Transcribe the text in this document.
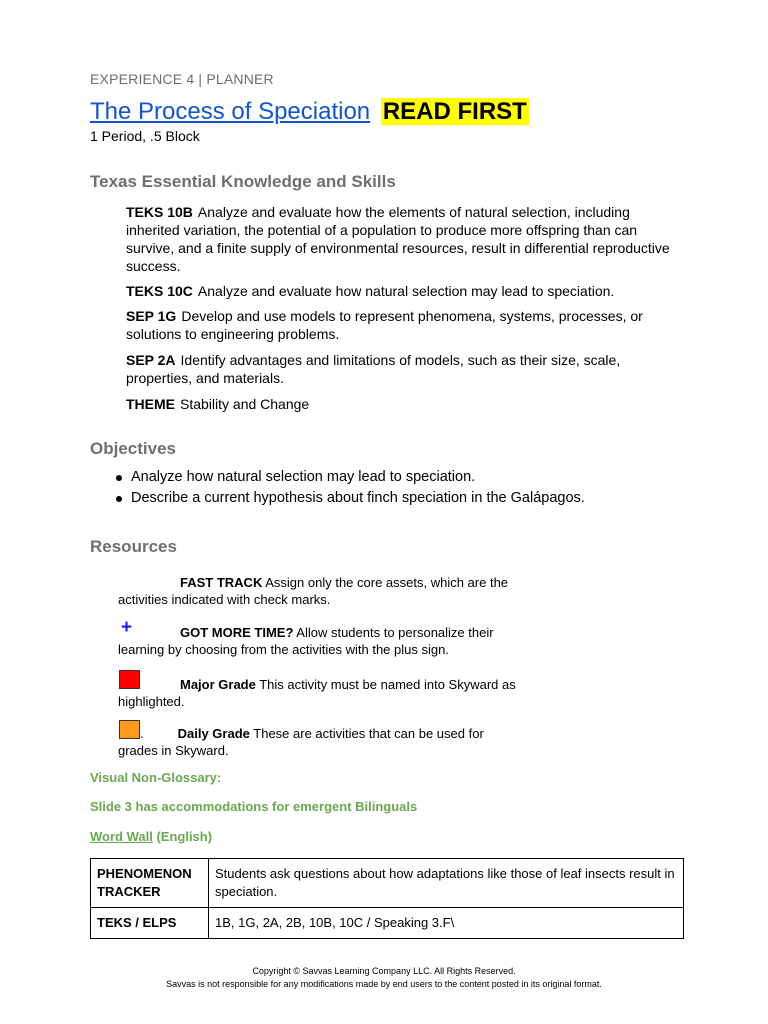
EXPERIENCE 4 | PLANNER
The Process of Speciation READ FIRST
1 Period, .5 Block
Texas Essential Knowledge and Skills
TEKS 10B Analyze and evaluate how the elements of natural selection, including inherited variation, the potential of a population to produce more offspring than can survive, and a finite supply of environmental resources, result in differential reproductive success.
TEKS 10C Analyze and evaluate how natural selection may lead to speciation.
SEP 1G Develop and use models to represent phenomena, systems, processes, or solutions to engineering problems.
SEP 2A Identify advantages and limitations of models, such as their size, scale, properties, and materials.
THEME Stability and Change
Objectives
Analyze how natural selection may lead to speciation.
Describe a current hypothesis about finch speciation in the Galápagos.
Resources
FAST TRACK Assign only the core assets, which are the
activities indicated with check marks.
+	GOT MORE TIME? Allow students to personalize their
learning by choosing from the activities with the plus sign.
Major Grade This activity must be named into Skyward as
highlighted.
.	Daily Grade These are activities that can be used for
grades in Skyward.
Visual Non-Glossary:
Slide 3 has accommodations for emergent Bilinguals
Word Wall (English)
PHENOMENON
TRACKER	Students ask questions about how adaptations like those of leaf insects result in speciation.
TEKS / ELPS	1B, 1G, 2A, 2B, 10B, 10C / Speaking 3.F\
Copyright © Savvas Learning Company LLC. All Rights Reserved.
Savvas is not responsible for any modifications made by end users to the content posted in its original format.
